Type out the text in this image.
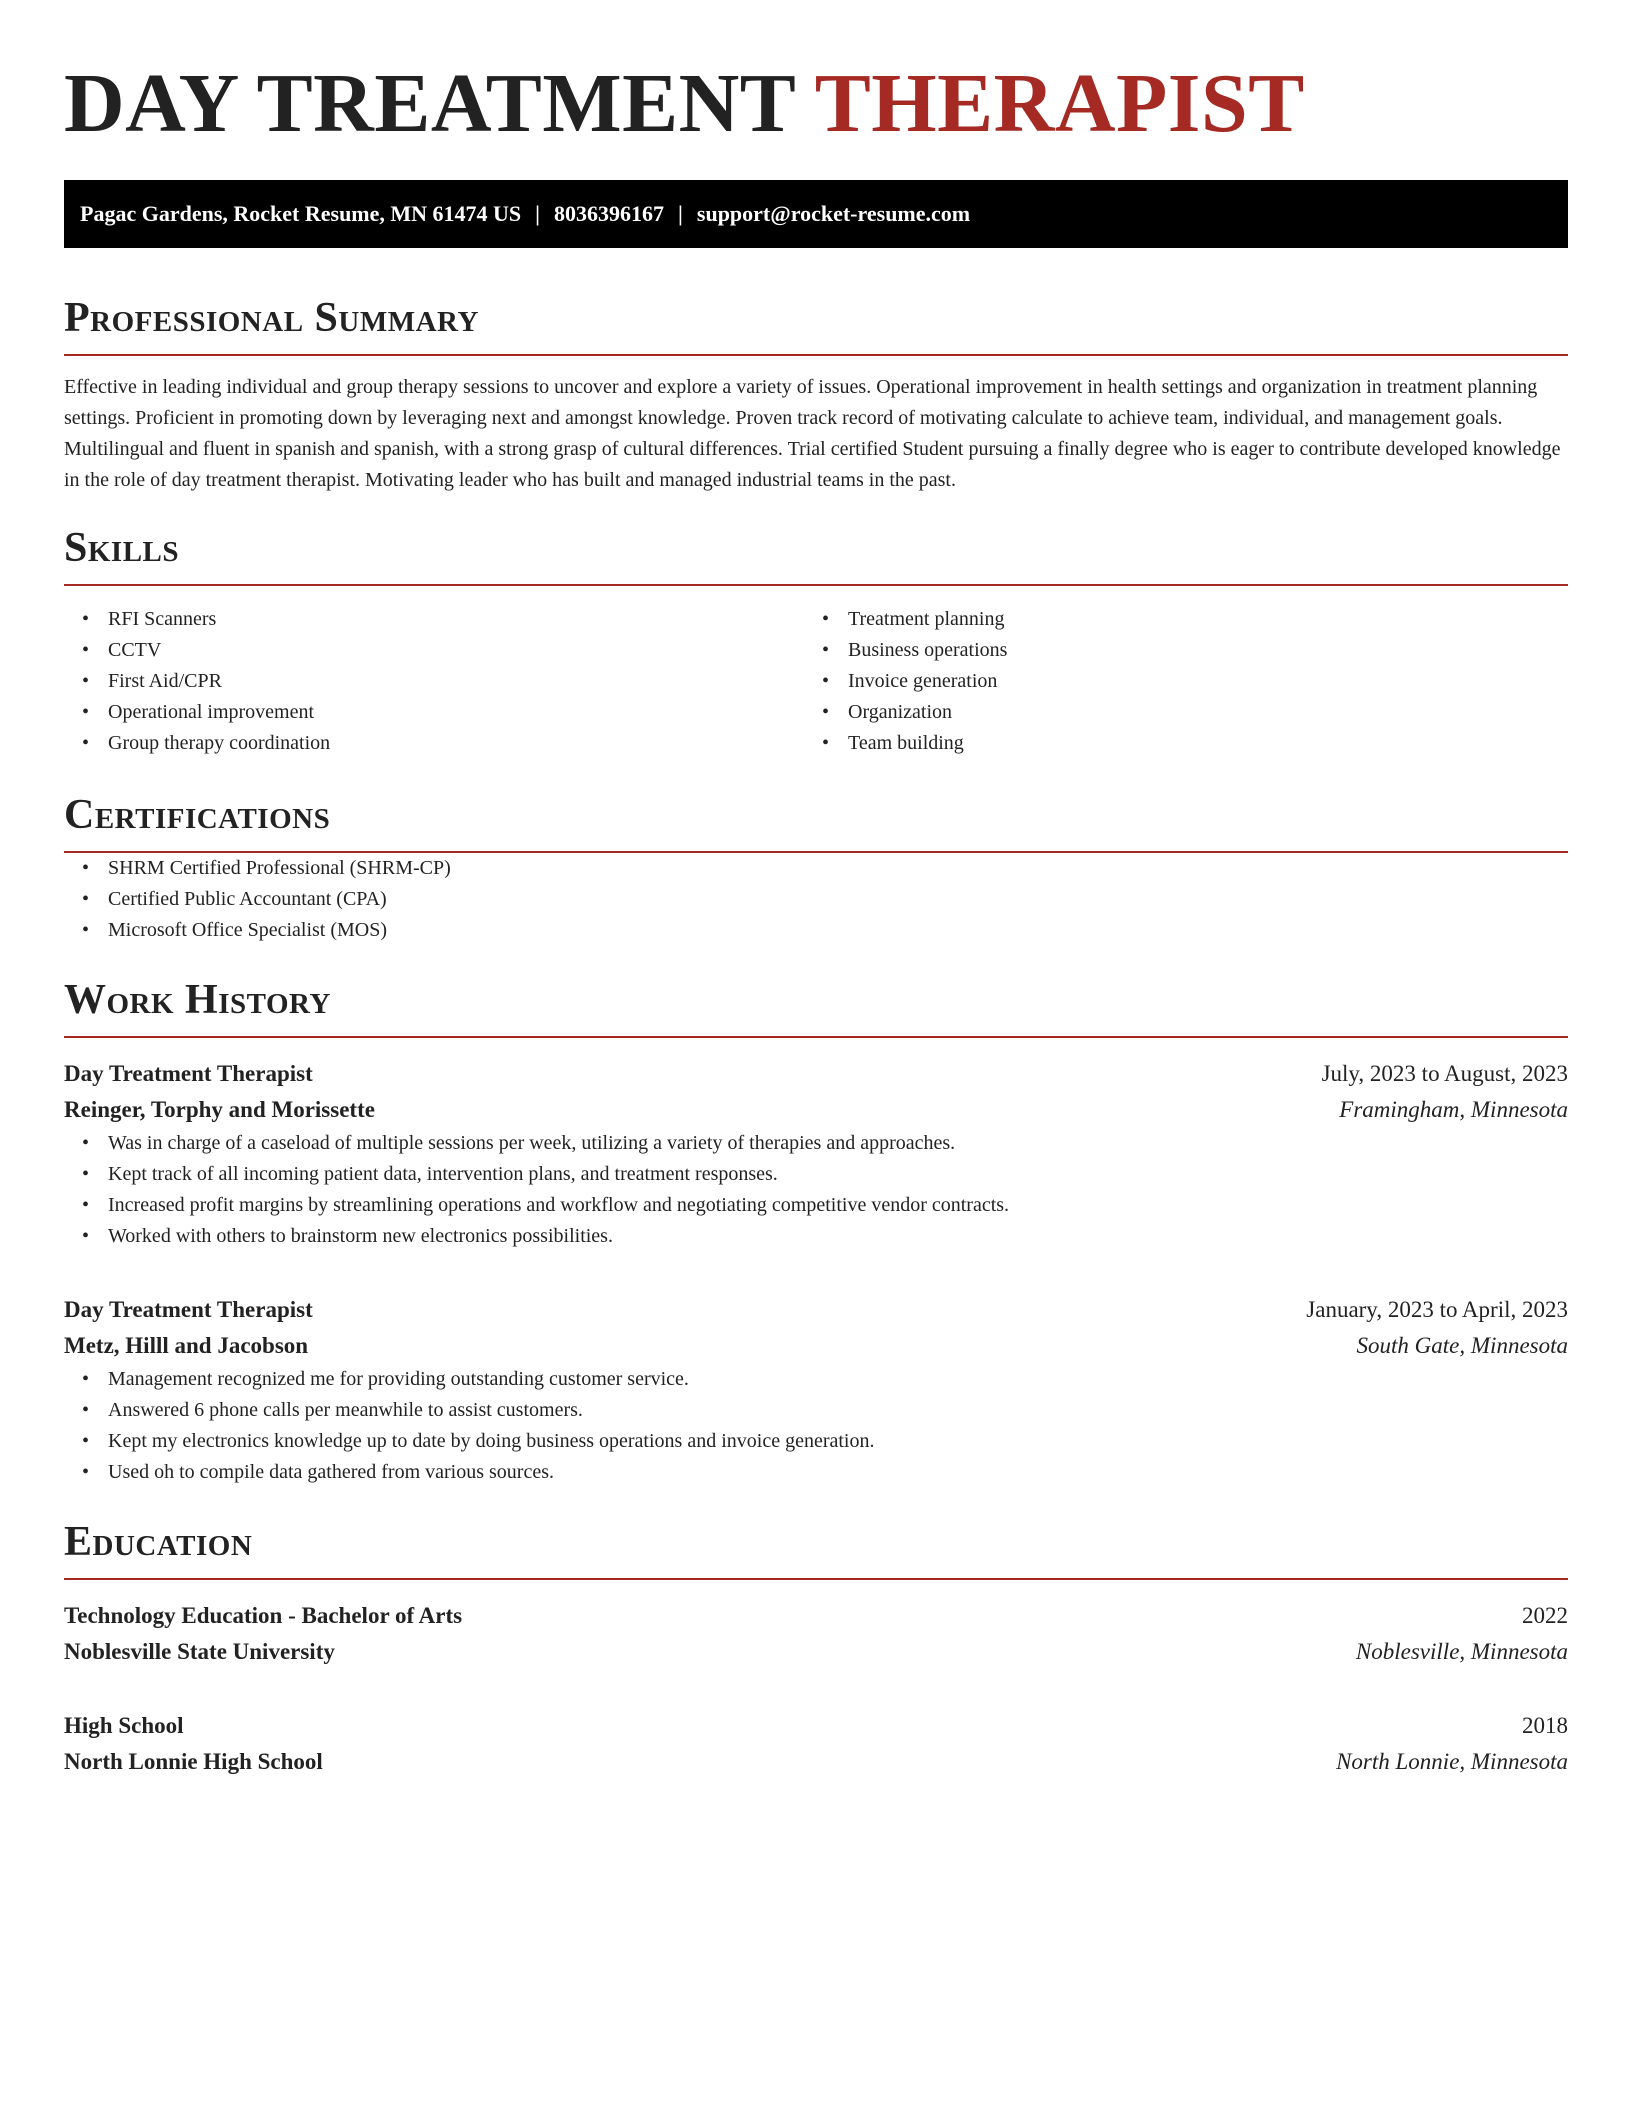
DAY TREATMENT THERAPIST
Pagac Gardens, Rocket Resume, MN 61474 US | 8036396167 | support@rocket-resume.com
Professional Summary

Effective in leading individual and group therapy sessions to uncover and explore a variety of issues. Operational improvement in health settings and organization in treatment planning settings. Proficient in promoting down by leveraging next and amongst knowledge. Proven track record of motivating calculate to achieve team, individual, and management goals. Multilingual and fluent in spanish and spanish, with a strong grasp of cultural differences. Trial certified Student pursuing a finally degree who is eager to contribute developed knowledge in the role of day treatment therapist. Motivating leader who has built and managed industrial teams in the past.

Skills
• RFI Scanners
• CCTV
• First Aid/CPR
• Operational improvement
• Group therapy coordination
• Treatment planning
• Business operations
• Invoice generation
• Organization
• Team building
Certifications
• SHRM Certified Professional (SHRM-CP)
• Certified Public Accountant (CPA)
• Microsoft Office Specialist (MOS)
Work History
Day Treatment Therapist	July, 2023 to August, 2023
Reinger, Torphy and Morissette	Framingham, Minnesota
• Was in charge of a caseload of multiple sessions per week, utilizing a variety of therapies and approaches.
• Kept track of all incoming patient data, intervention plans, and treatment responses.
• Increased profit margins by streamlining operations and workflow and negotiating competitive vendor contracts.
• Worked with others to brainstorm new electronics possibilities.
Day Treatment Therapist	January, 2023 to April, 2023
Metz, Hilll and Jacobson	South Gate, Minnesota
• Management recognized me for providing outstanding customer service.
• Answered 6 phone calls per meanwhile to assist customers.
• Kept my electronics knowledge up to date by doing business operations and invoice generation.
• Used oh to compile data gathered from various sources.
Education
Technology Education - Bachelor of Arts	2022
Noblesville State University	Noblesville, Minnesota
High School	2018
North Lonnie High School	North Lonnie, Minnesota
